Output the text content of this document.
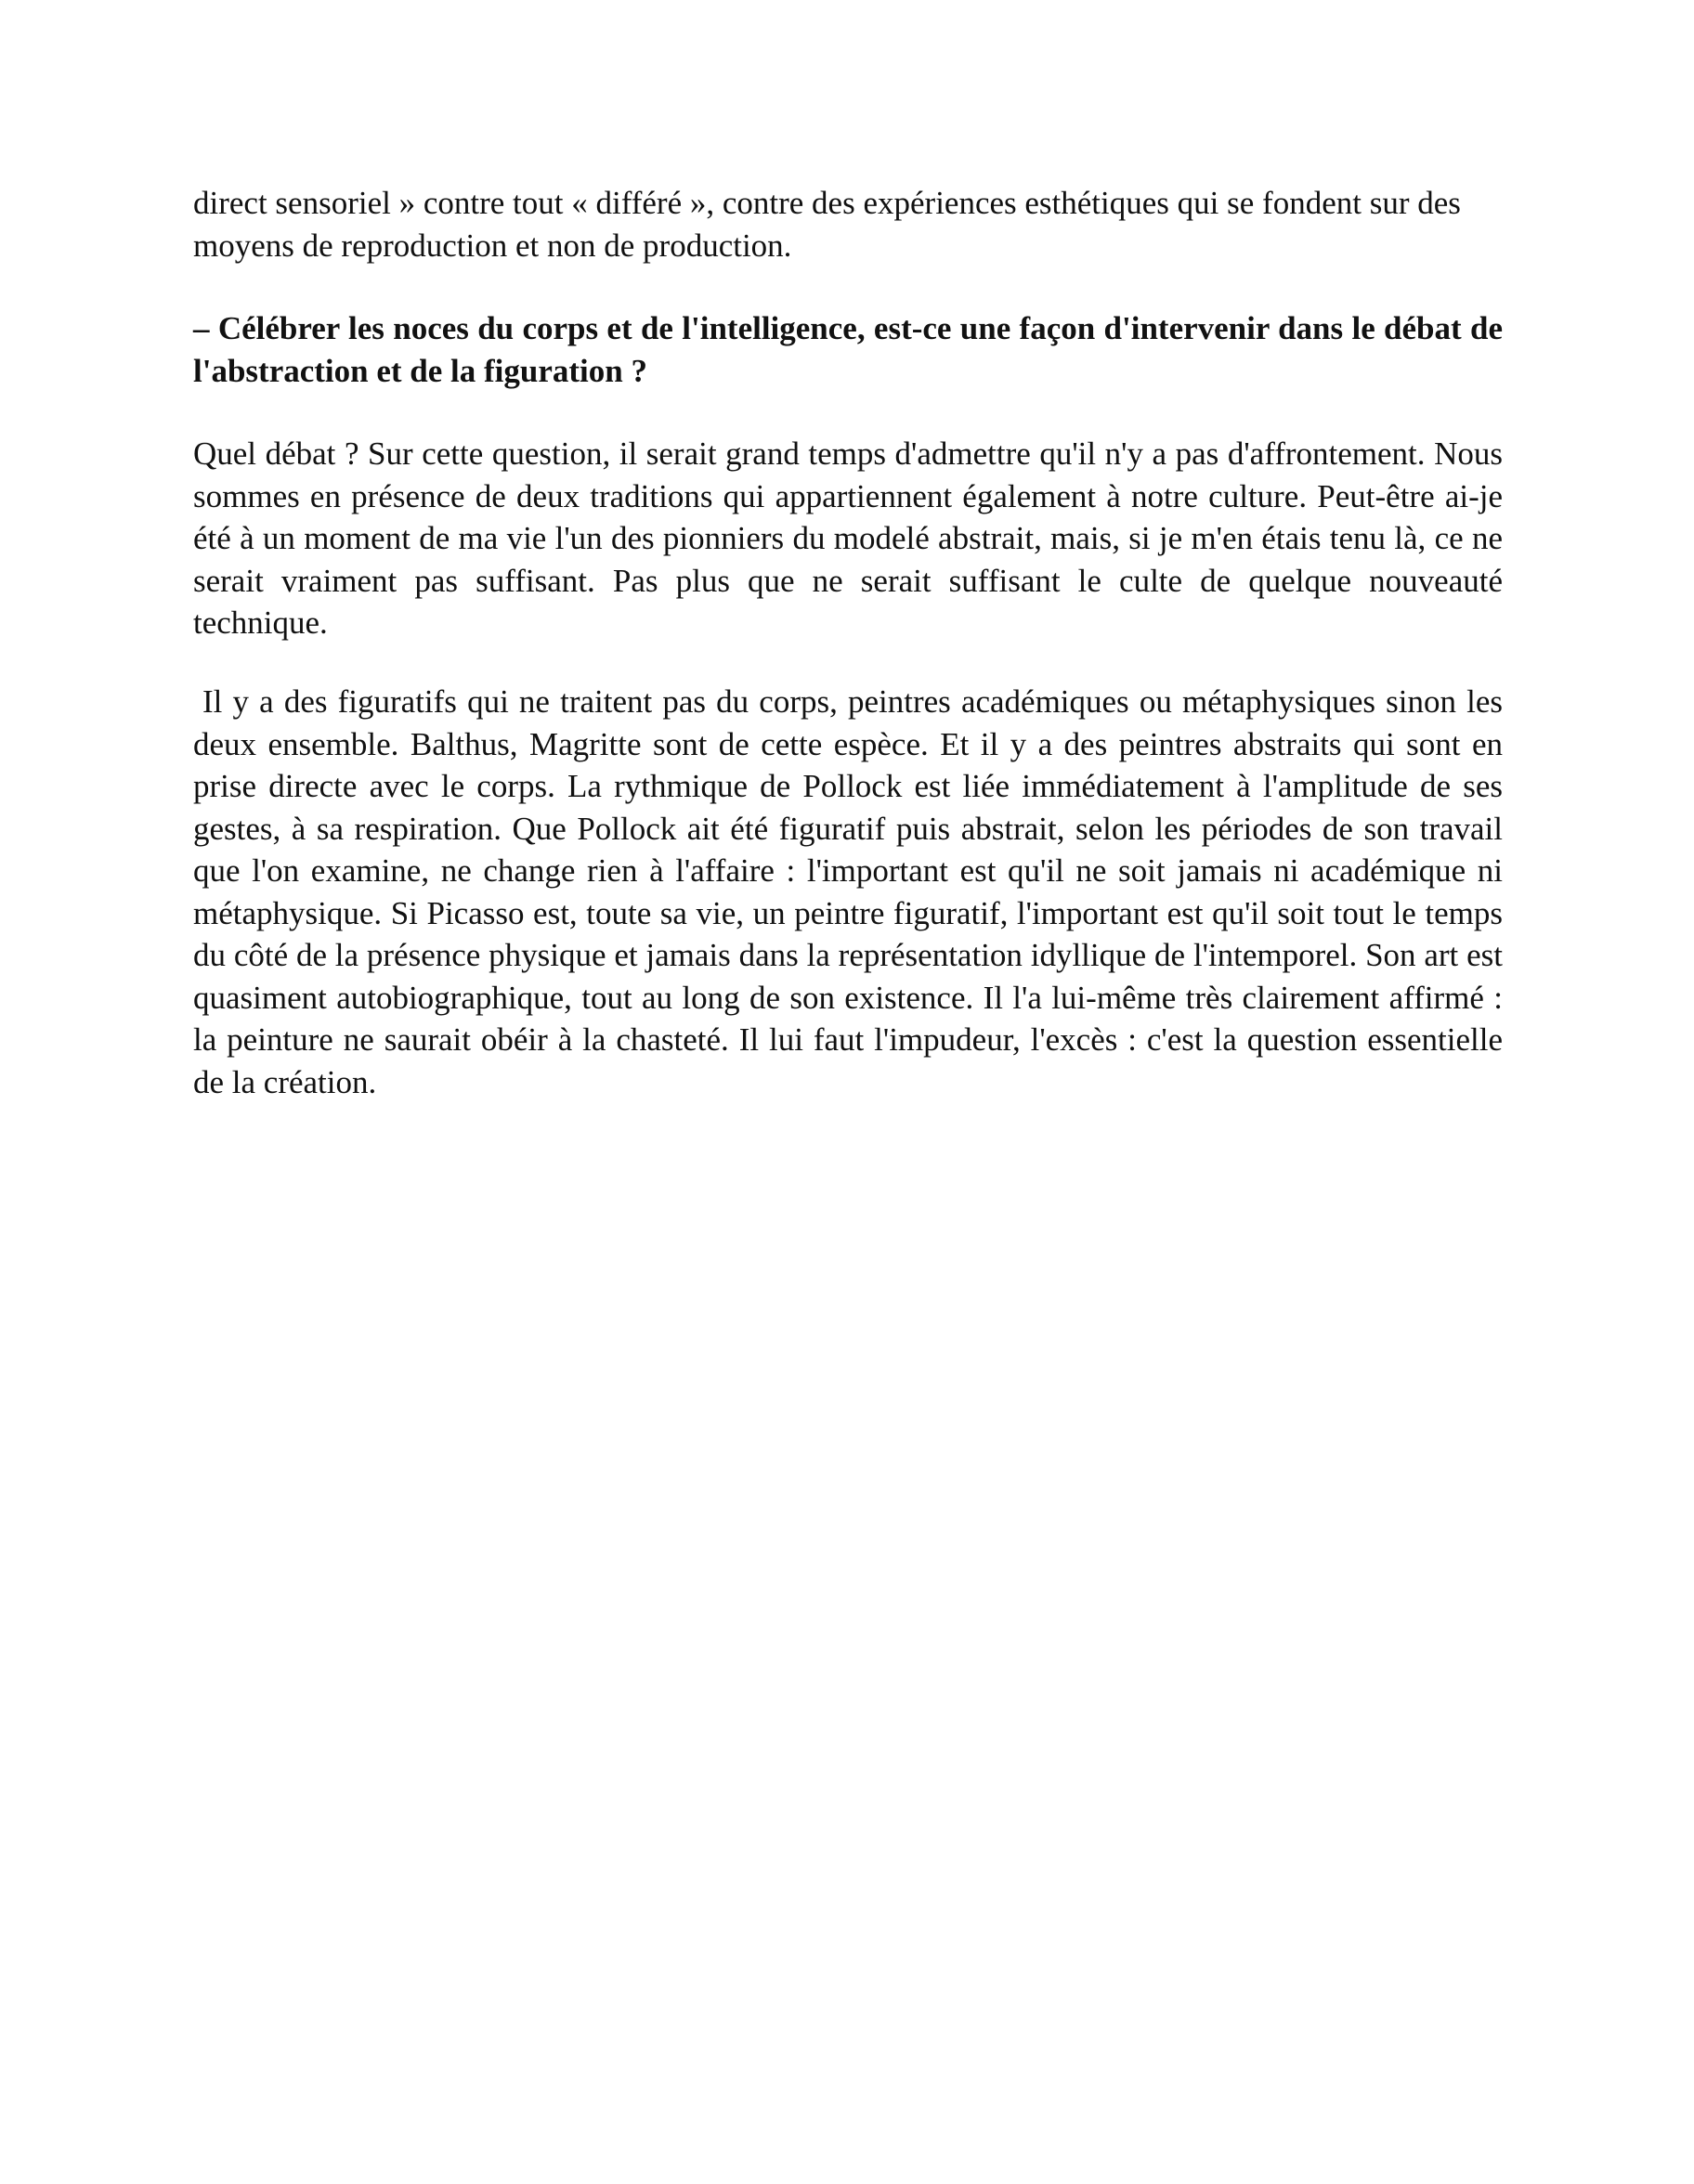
direct sensoriel » contre tout « différé », contre des expériences esthétiques qui se fondent sur des moyens de reproduction et non de production.

– Célébrer les noces du corps et de l'intelligence, est-ce une façon d'intervenir dans le débat de l'abstraction et de la figuration ?

Quel débat ? Sur cette question, il serait grand temps d'admettre qu'il n'y a pas d'affrontement. Nous sommes en présence de deux traditions qui appartiennent également à notre culture. Peut-être ai-je été à un moment de ma vie l'un des pionniers du modelé abstrait, mais, si je m'en étais tenu là, ce ne serait vraiment pas suffisant. Pas plus que ne serait suffisant le culte de quelque nouveauté technique.

Il y a des figuratifs qui ne traitent pas du corps, peintres académiques ou métaphysiques sinon les deux ensemble. Balthus, Magritte sont de cette espèce. Et il y a des peintres abstraits qui sont en prise directe avec le corps. La rythmique de Pollock est liée immédiatement à l'amplitude de ses gestes, à sa respiration. Que Pollock ait été figuratif puis abstrait, selon les périodes de son travail que l'on examine, ne change rien à l'affaire : l'important est qu'il ne soit jamais ni académique ni métaphysique. Si Picasso est, toute sa vie, un peintre figuratif, l'important est qu'il soit tout le temps du côté de la présence physique et jamais dans la représentation idyllique de l'intemporel. Son art est quasiment autobiographique, tout au long de son existence. Il l'a lui-même très clairement affirmé : la peinture ne saurait obéir à la chasteté. Il lui faut l'impudeur, l'excès : c'est la question essentielle de la création.
